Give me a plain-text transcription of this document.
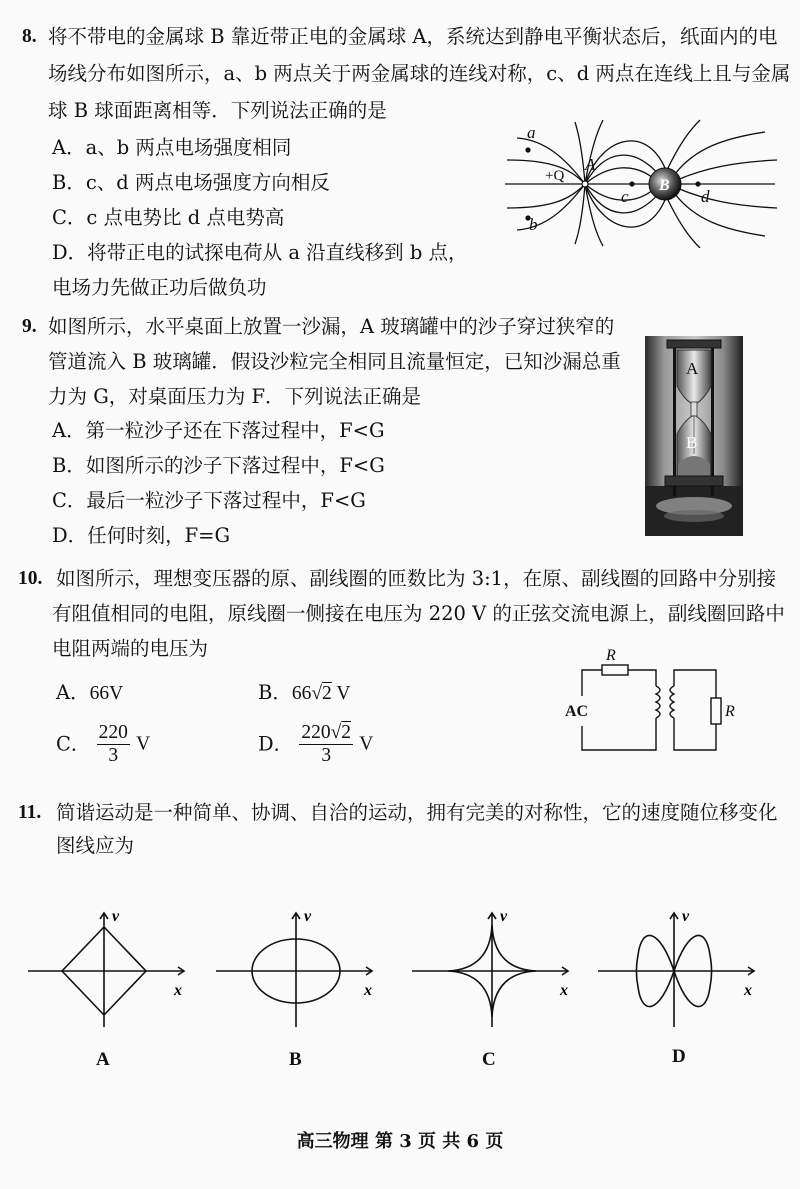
8. 将不带电的金属球 B 靠近带正电的金属球 A，系统达到静电平衡状态后，纸面内的电
场线分布如图所示，a、b 两点关于两金属球的连线对称，c、d 两点在连线上且与金属
球 B 球面距离相等．下列说法正确的是
A．a、b 两点电场强度相同
B．c、d 两点电场强度方向相反
C．c 点电势比 d 点电势高
D．将带正电的试探电荷从 a 沿直线移到 b 点，
电场力先做正功后做负功
a
b
c	d
A
+Q
B
9. 如图所示，水平桌面上放置一沙漏，A 玻璃罐中的沙子穿过狭窄的
管道流入 B 玻璃罐．假设沙粒完全相同且流量恒定，已知沙漏总重
力为 G，对桌面压力为 F．下列说法正确是
A．第一粒沙子还在下落过程中，F<G
B．如图所示的沙子下落过程中，F<G
C．最后一粒沙子下落过程中，F<G
D．任何时刻，F=G
A
B
10. 如图所示，理想变压器的原、副线圈的匝数比为 3:1，在原、副线圈的回路中分别接
有阻值相同的电阻，原线圈一侧接在电压为 220 V 的正弦交流电源上，副线圈回路中
电阻两端的电压为
A．66V	B．66√2 V
C． $\frac{220}{3}$ V	D． $\frac{220√2}{3}$ V
R
AC	R
11. 简谐运动是一种简单、协调、自洽的运动，拥有完美的对称性，它的速度随位移变化
图线应为
v
x
A
v
x
B
v
x
C
v
x
D
高三物理 第 3 页 共 6 页
